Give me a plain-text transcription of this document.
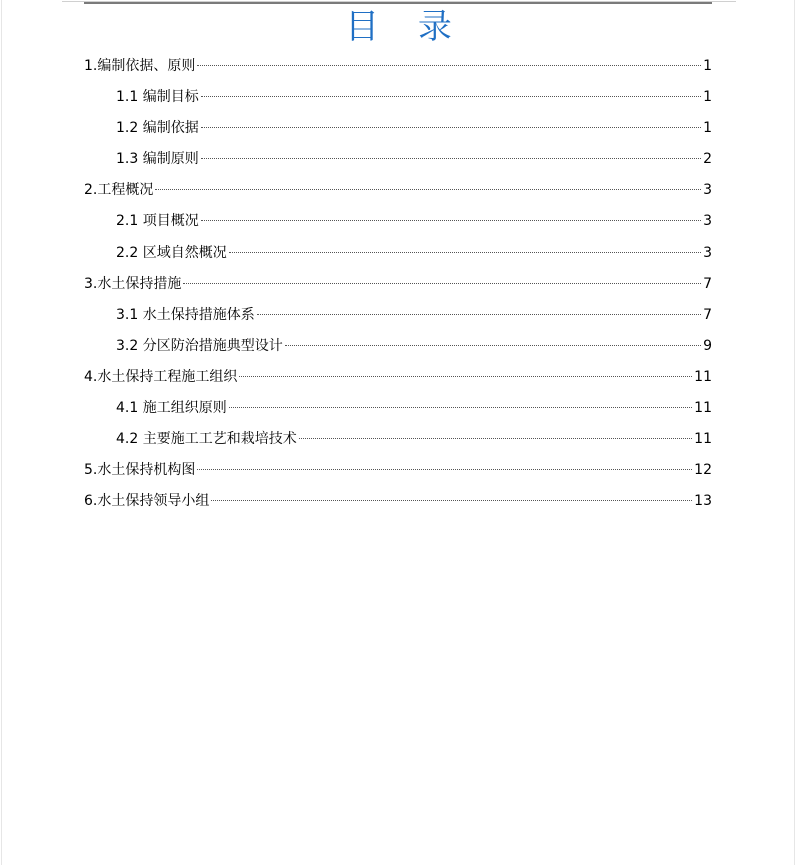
目 录
1.编制依据、原则	1
1.1 编制目标	1
1.2 编制依据	1
1.3 编制原则	2
2.工程概况	3
2.1 项目概况	3
2.2 区域自然概况	3
3.水土保持措施	7
3.1 水土保持措施体系	7
3.2 分区防治措施典型设计	9
4.水土保持工程施工组织	11
4.1 施工组织原则	11
4.2 主要施工工艺和栽培技术	11
5.水土保持机构图	12
6.水土保持领导小组	13
